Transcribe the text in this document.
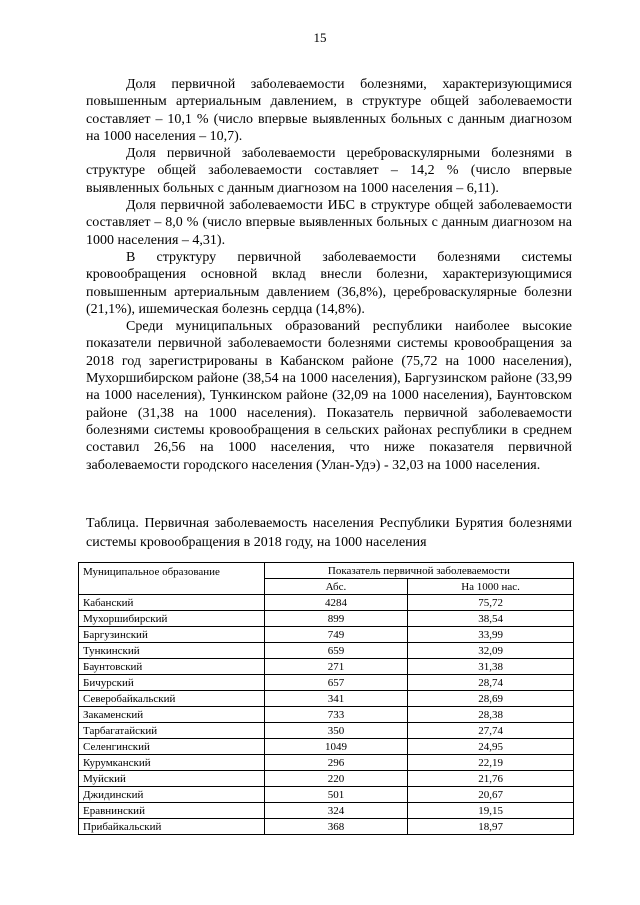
15

Доля первичной заболеваемости болезнями, характеризующимися повышенным артериальным давлением, в структуре общей заболеваемости составляет – 10,1 % (число впервые выявленных больных с данным диагнозом на 1000 населения – 10,7).

Доля первичной заболеваемости цереброваскулярными болезнями в структуре общей заболеваемости составляет – 14,2 % (число впервые выявленных больных с данным диагнозом на 1000 населения – 6,11).

Доля первичной заболеваемости ИБС в структуре общей заболеваемости составляет – 8,0 % (число впервые выявленных больных с данным диагнозом на 1000 населения – 4,31).

В структуру первичной заболеваемости болезнями системы кровообращения основной вклад внесли болезни, характеризующимися повышенным артериальным давлением (36,8%), цереброваскулярные болезни (21,1%), ишемическая болезнь сердца (14,8%).

Среди муниципальных образований республики наиболее высокие показатели первичной заболеваемости болезнями системы кровообращения за 2018 год зарегистрированы в Кабанском районе (75,72 на 1000 населения), Мухоршибирском районе (38,54 на 1000 населения), Баргузинском районе (33,99 на 1000 населения), Тункинском районе (32,09 на 1000 населения), Баунтовском районе (31,38 на 1000 населения). Показатель первичной заболеваемости болезнями системы кровообращения в сельских районах республики в среднем составил 26,56 на 1000 населения, что ниже показателя первичной заболеваемости городского населения (Улан-Удэ) - 32,03 на 1000 населения.

Таблица. Первичная заболеваемость населения Республики Бурятия болезнями системы кровообращения в 2018 году, на 1000 населения

Муниципальное образование	Показатель первичной заболеваемости	
	Абс.	На 1000 нас.
Кабанский	4284	75,72
Мухоршибирский	899	38,54
Баргузинский	749	33,99
Тункинский	659	32,09
Баунтовский	271	31,38
Бичурский	657	28,74
Северобайкальский	341	28,69
Закаменский	733	28,38
Тарбагатайский	350	27,74
Селенгинский	1049	24,95
Курумканский	296	22,19
Муйский	220	21,76
Джидинский	501	20,67
Еравнинский	324	19,15
Прибайкальский	368	18,97
